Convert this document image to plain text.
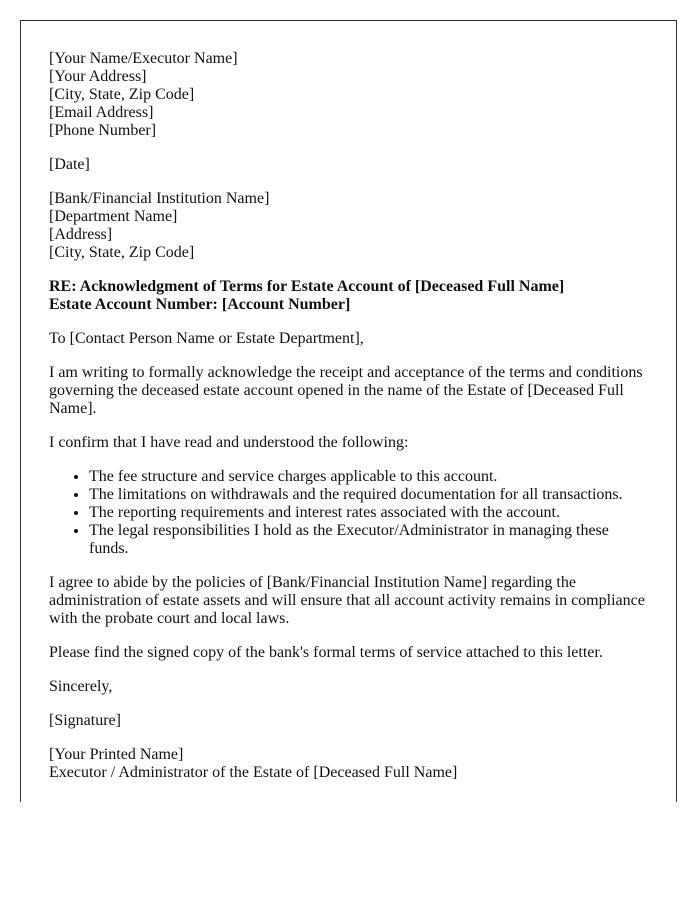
[Your Name/Executor Name]
[Your Address]
[City, State, Zip Code]
[Email Address]
[Phone Number]

[Date]

[Bank/Financial Institution Name]
[Department Name]
[Address]
[City, State, Zip Code]

RE: Acknowledgment of Terms for Estate Account of [Deceased Full Name]
Estate Account Number: [Account Number]

To [Contact Person Name or Estate Department],

I am writing to formally acknowledge the receipt and acceptance of the terms and conditions governing the deceased estate account opened in the name of the Estate of [Deceased Full Name].

I confirm that I have read and understood the following:

• The fee structure and service charges applicable to this account.
• The limitations on withdrawals and the required documentation for all transactions.
• The reporting requirements and interest rates associated with the account.
• The legal responsibilities I hold as the Executor/Administrator in managing these funds.

I agree to abide by the policies of [Bank/Financial Institution Name] regarding the administration of estate assets and will ensure that all account activity remains in compliance with the probate court and local laws.

Please find the signed copy of the bank's formal terms of service attached to this letter.

Sincerely,

[Signature]

[Your Printed Name]
Executor / Administrator of the Estate of [Deceased Full Name]
